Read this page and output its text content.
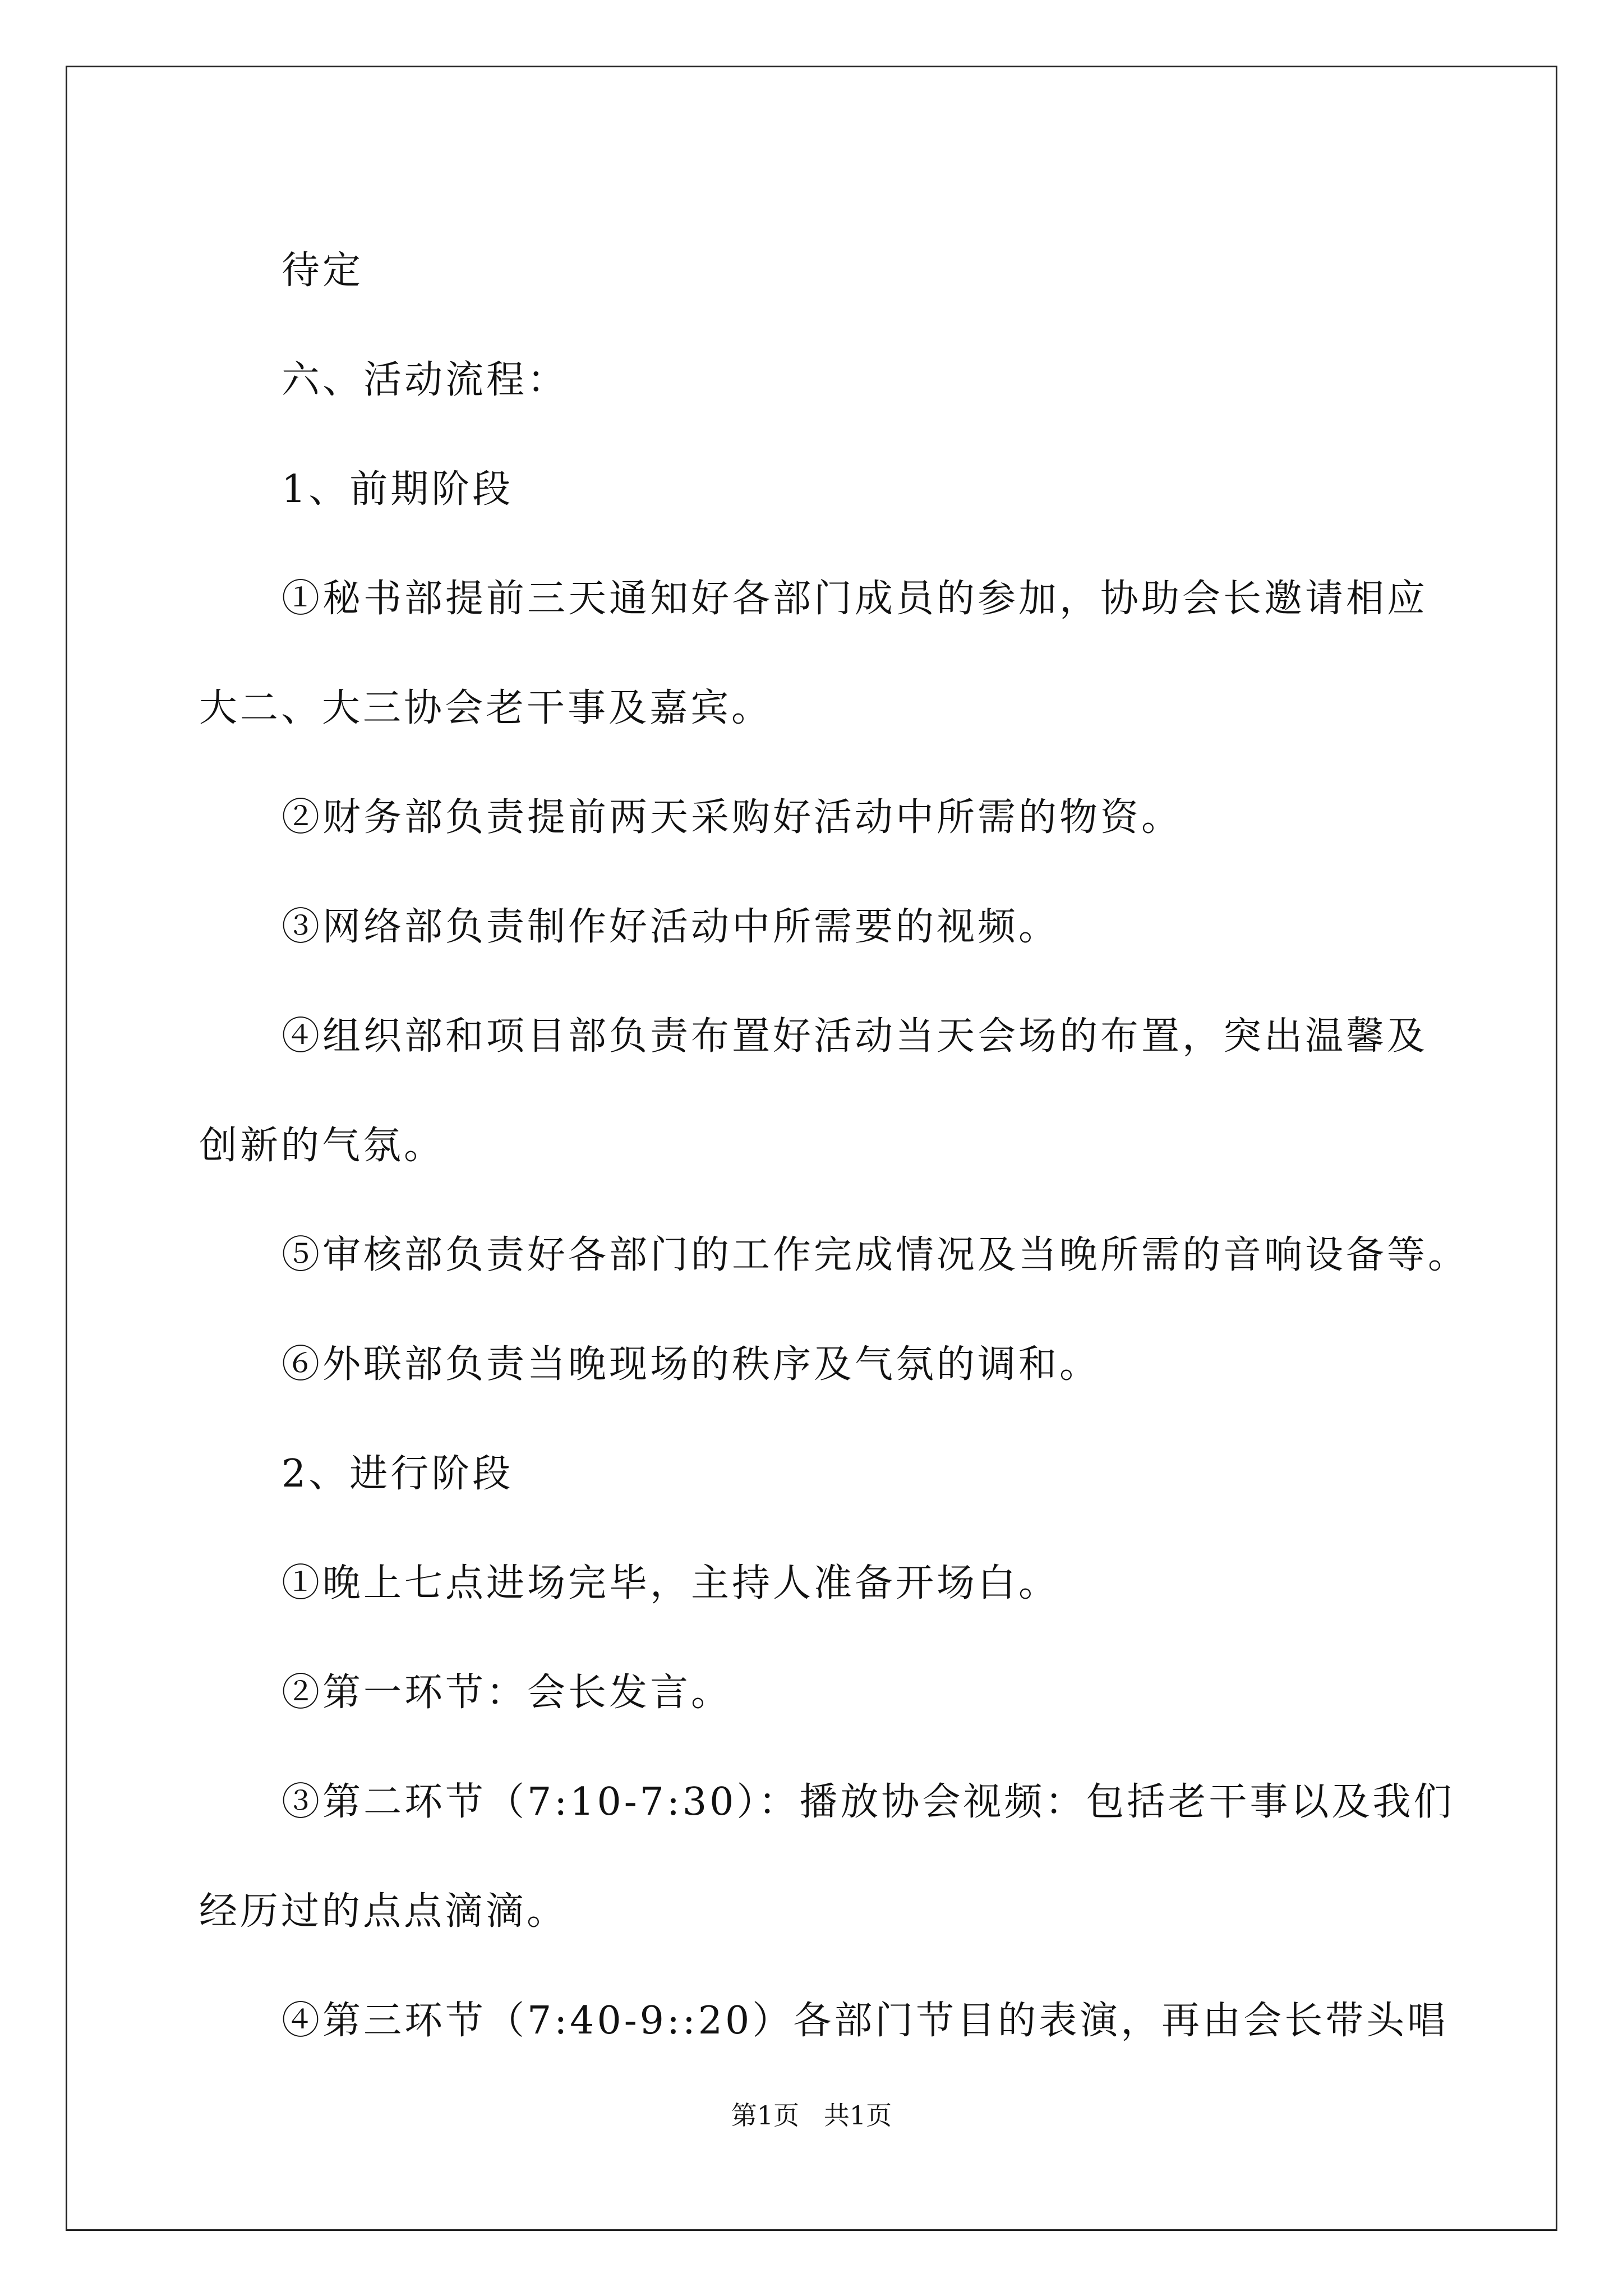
待定
六、活动流程：
1、前期阶段
①秘书部提前三天通知好各部门成员的参加，协助会长邀请相应
大二、大三协会老干事及嘉宾。
②财务部负责提前两天采购好活动中所需的物资。
③网络部负责制作好活动中所需要的视频。
④组织部和项目部负责布置好活动当天会场的布置，突出温馨及
创新的气氛。
⑤审核部负责好各部门的工作完成情况及当晚所需的音响设备等。
⑥外联部负责当晚现场的秩序及气氛的调和。
2、进行阶段
①晚上七点进场完毕，主持人准备开场白。
②第一环节：会长发言。
③第二环节（7:10-7:30）：播放协会视频：包括老干事以及我们
经历过的点点滴滴。
④第三环节（7:40-9::20）各部门节目的表演，再由会长带头唱
第1页   共1页
